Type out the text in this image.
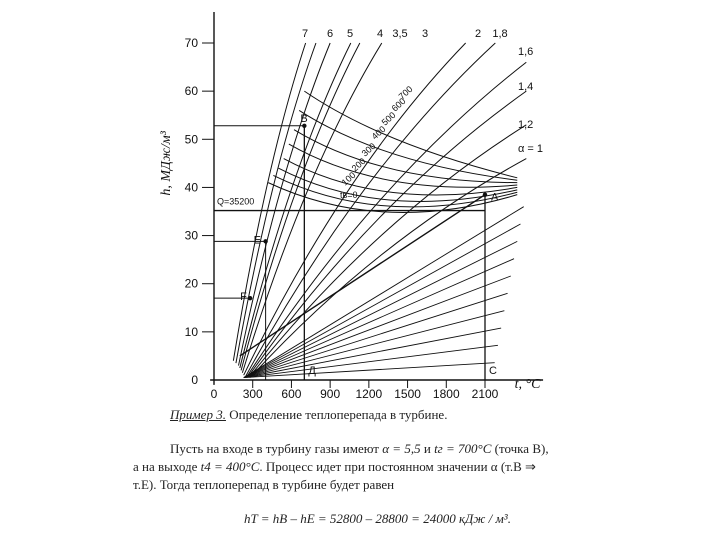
0
10
20
30
40
50
60
70
h, МДж/м³
0 300 600 900 1200 1500 1800 2100
t, °C
A
B
E
F
Д	C
Q=35200
7 6 5 4 3,5 3	2 1,8
1,6
1,4
1,2
α = 1
700
600
500
400
300
200
100
tв=0
Пример 3. Определение теплоперепада в турбине.
Пусть на входе в турбину газы имеют α = 5,5 и tг = 700°C (точка В),
а на выходе t4 = 400°C. Процесс идет при постоянном значении α (т.В ⇒
т.Е). Тогда теплоперепад в турбине будет равен
hT = hB – hE = 52800 – 28800 = 24000 кДж / м³.
